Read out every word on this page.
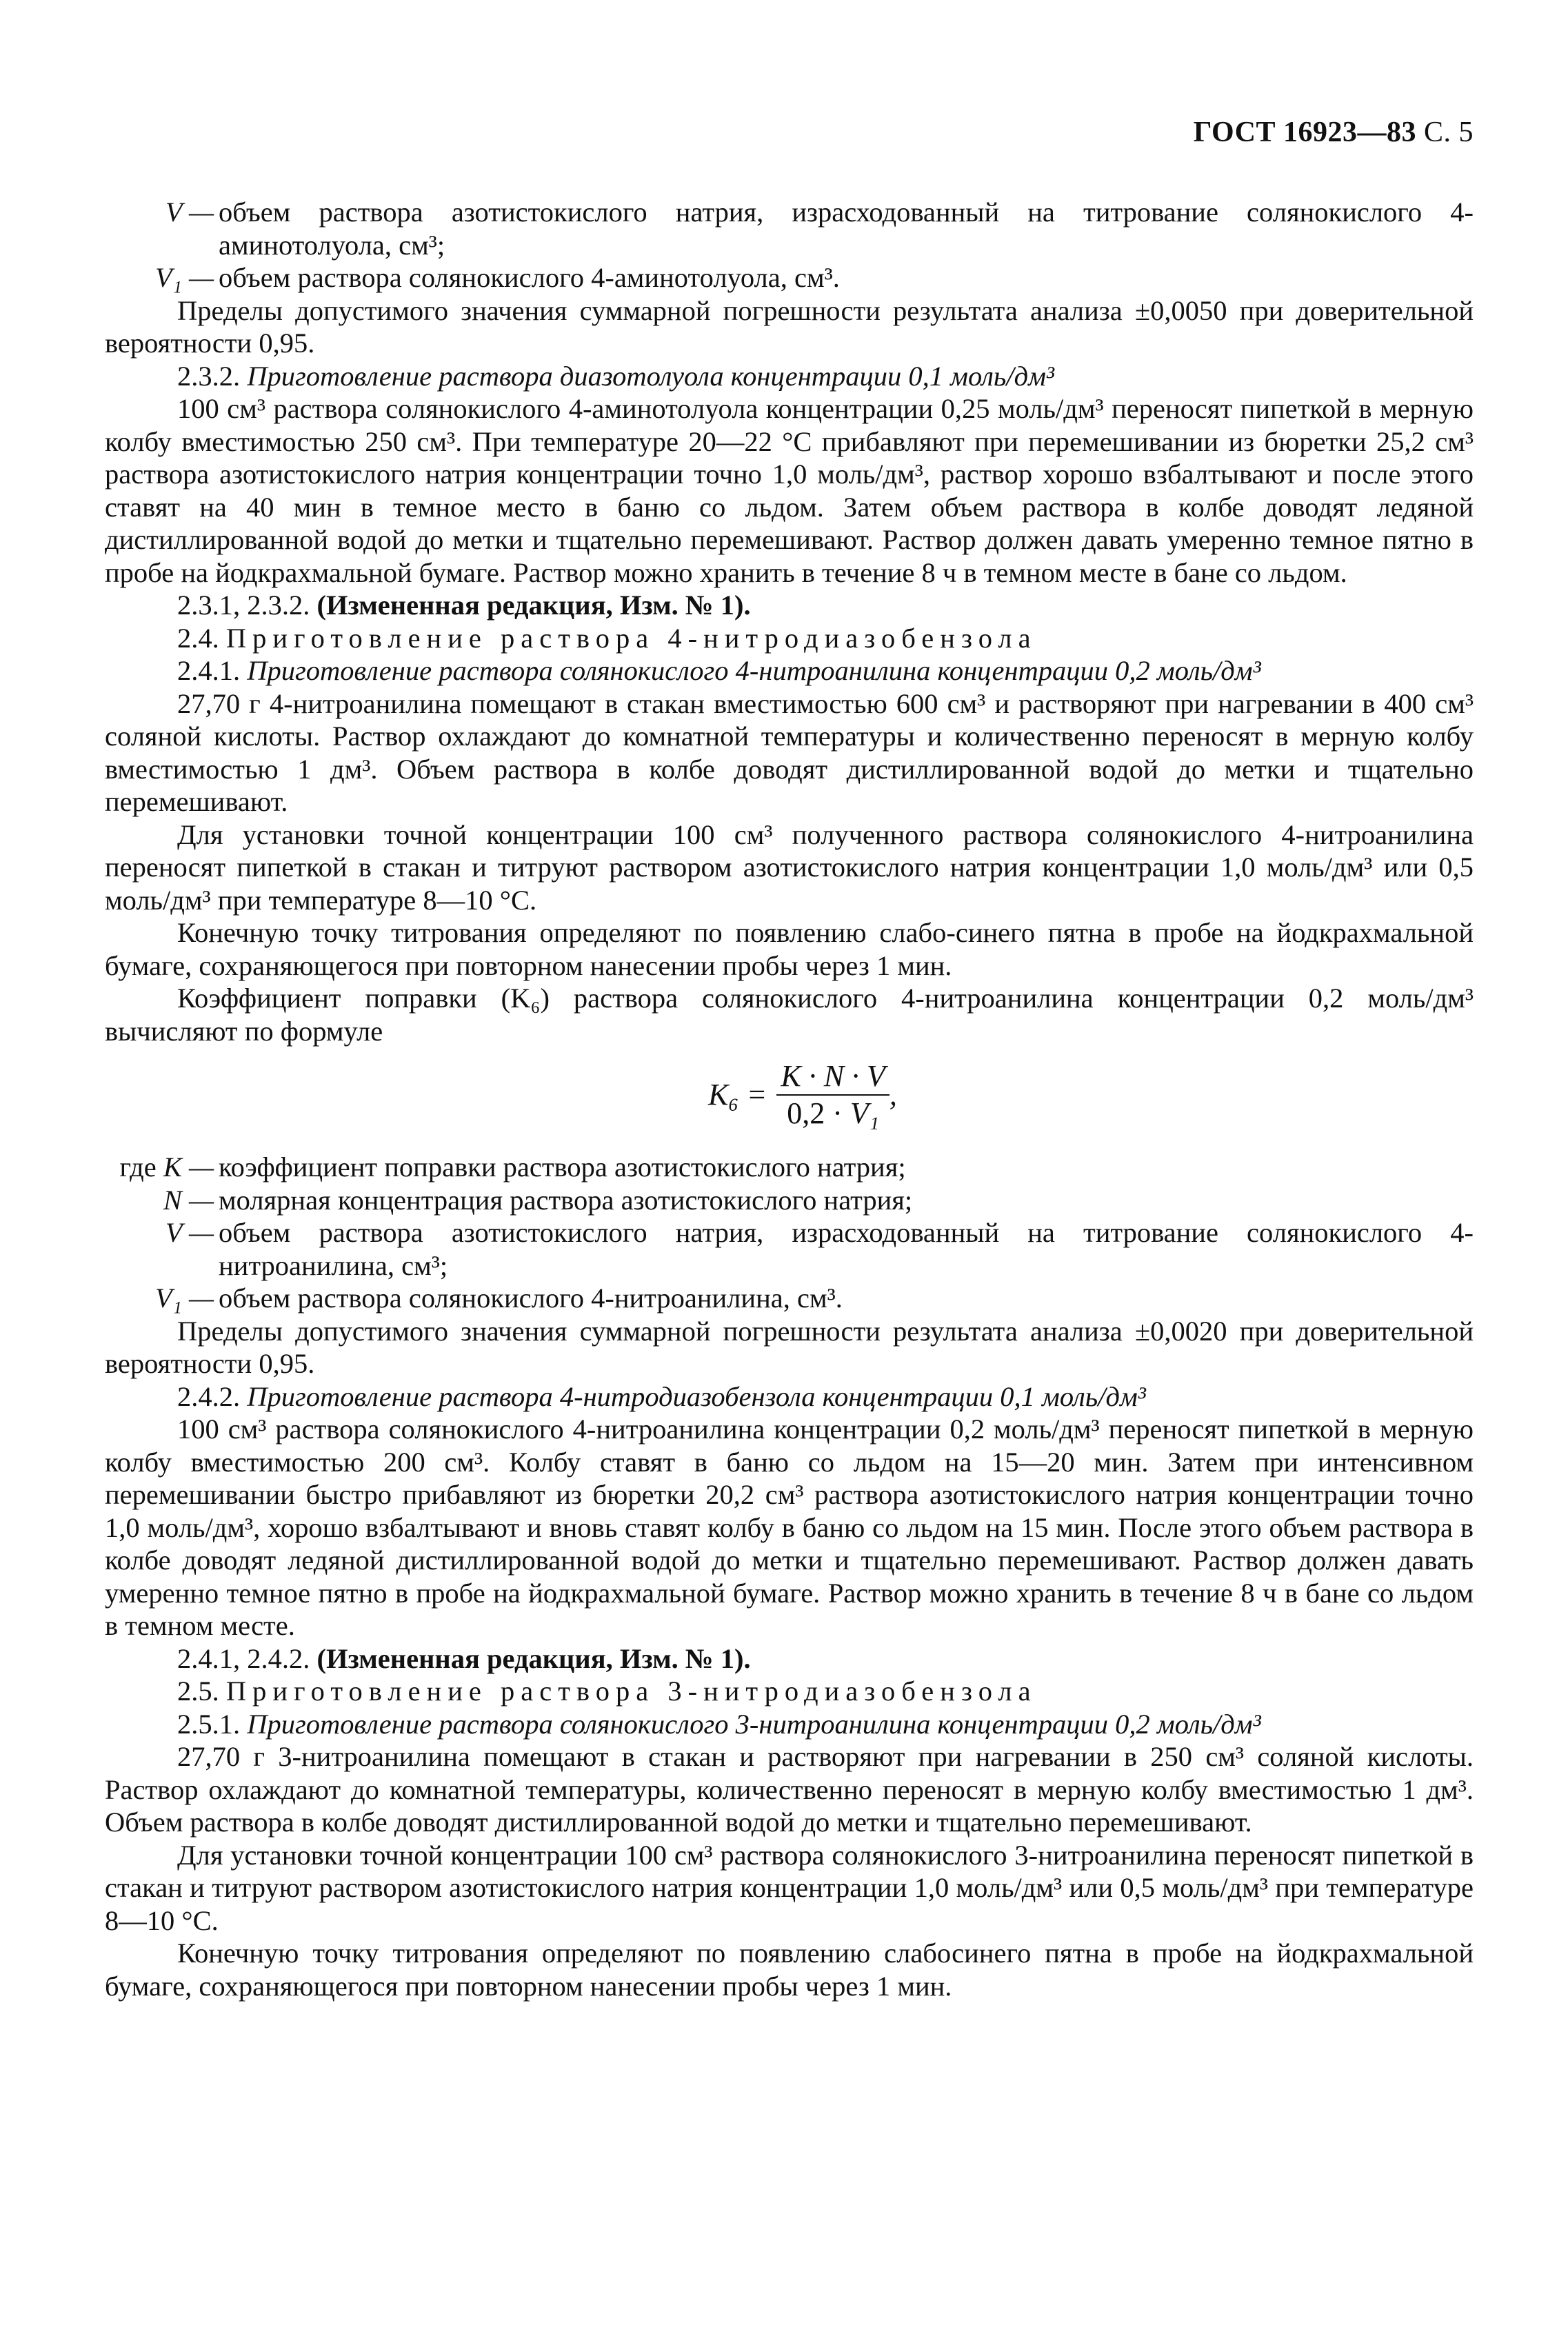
ГОСТ 16923—83 С. 5
V — объем раствора азотистокислого натрия, израсходованный на титрование солянокислого 4-аминотолуола, см³;
V₁ — объем раствора солянокислого 4-аминотолуола, см³.

Пределы допустимого значения суммарной погрешности результата анализа ±0,0050 при доверительной вероятности 0,95.

2.3.2. Приготовление раствора диазотолуола концентрации 0,1 моль/дм³

100 см³ раствора солянокислого 4-аминотолуола концентрации 0,25 моль/дм³ переносят пипеткой в мерную колбу вместимостью 250 см³. При температуре 20—22 °С прибавляют при перемешивании из бюретки 25,2 см³ раствора азотистокислого натрия концентрации точно 1,0 моль/дм³, раствор хорошо взбалтывают и после этого ставят на 40 мин в темное место в баню со льдом. Затем объем раствора в колбе доводят ледяной дистиллированной водой до метки и тщательно перемешивают. Раствор должен давать умеренно темное пятно в пробе на йодкрахмальной бумаге. Раствор можно хранить в течение 8 ч в темном месте в бане со льдом.

2.3.1, 2.3.2. (Измененная редакция, Изм. № 1).

2.4. Приготовление раствора 4-нитродиазобензола

2.4.1. Приготовление раствора солянокислого 4-нитроанилина концентрации 0,2 моль/дм³

27,70 г 4-нитроанилина помещают в стакан вместимостью 600 см³ и растворяют при нагревании в 400 см³ соляной кислоты. Раствор охлаждают до комнатной температуры и количественно переносят в мерную колбу вместимостью 1 дм³. Объем раствора в колбе доводят дистиллированной водой до метки и тщательно перемешивают.

Для установки точной концентрации 100 см³ полученного раствора солянокислого 4-нитроанилина переносят пипеткой в стакан и титруют раствором азотистокислого натрия концентрации 1,0 моль/дм³ или 0,5 моль/дм³ при температуре 8—10 °С.

Конечную точку титрования определяют по появлению слабо-синего пятна в пробе на йодкрахмальной бумаге, сохраняющегося при повторном нанесении пробы через 1 мин.

Коэффициент поправки (K₆) раствора солянокислого 4-нитроанилина концентрации 0,2 моль/дм³ вычисляют по формуле

$K_6 = \frac{K \cdot N \cdot V}{\text{0,2 · V₁}}$ ,
где K — коэффициент поправки раствора азотистокислого натрия;
N — молярная концентрация раствора азотистокислого натрия;
V — объем раствора азотистокислого натрия, израсходованный на титрование солянокислого 4-нитроанилина, см³;
V₁ — объем раствора солянокислого 4-нитроанилина, см³.

Пределы допустимого значения суммарной погрешности результата анализа ±0,0020 при доверительной вероятности 0,95.

2.4.2. Приготовление раствора 4-нитродиазобензола концентрации 0,1 моль/дм³

100 см³ раствора солянокислого 4-нитроанилина концентрации 0,2 моль/дм³ переносят пипеткой в мерную колбу вместимостью 200 см³. Колбу ставят в баню со льдом на 15—20 мин. Затем при интенсивном перемешивании быстро прибавляют из бюретки 20,2 см³ раствора азотистокислого натрия концентрации точно 1,0 моль/дм³, хорошо взбалтывают и вновь ставят колбу в баню со льдом на 15 мин. После этого объем раствора в колбе доводят ледяной дистиллированной водой до метки и тщательно перемешивают. Раствор должен давать умеренно темное пятно в пробе на йодкрахмальной бумаге. Раствор можно хранить в течение 8 ч в бане со льдом в темном месте.

2.4.1, 2.4.2. (Измененная редакция, Изм. № 1).

2.5. Приготовление раствора 3-нитродиазобензола

2.5.1. Приготовление раствора солянокислого 3-нитроанилина концентрации 0,2 моль/дм³

27,70 г 3-нитроанилина помещают в стакан и растворяют при нагревании в 250 см³ соляной кислоты. Раствор охлаждают до комнатной температуры, количественно переносят в мерную колбу вместимостью 1 дм³. Объем раствора в колбе доводят дистиллированной водой до метки и тщательно перемешивают.

Для установки точной концентрации 100 см³ раствора солянокислого 3-нитроанилина переносят пипеткой в стакан и титруют раствором азотистокислого натрия концентрации 1,0 моль/дм³ или 0,5 моль/дм³ при температуре 8—10 °С.

Конечную точку титрования определяют по появлению слабосинего пятна в пробе на йодкрахмальной бумаге, сохраняющегося при повторном нанесении пробы через 1 мин.
